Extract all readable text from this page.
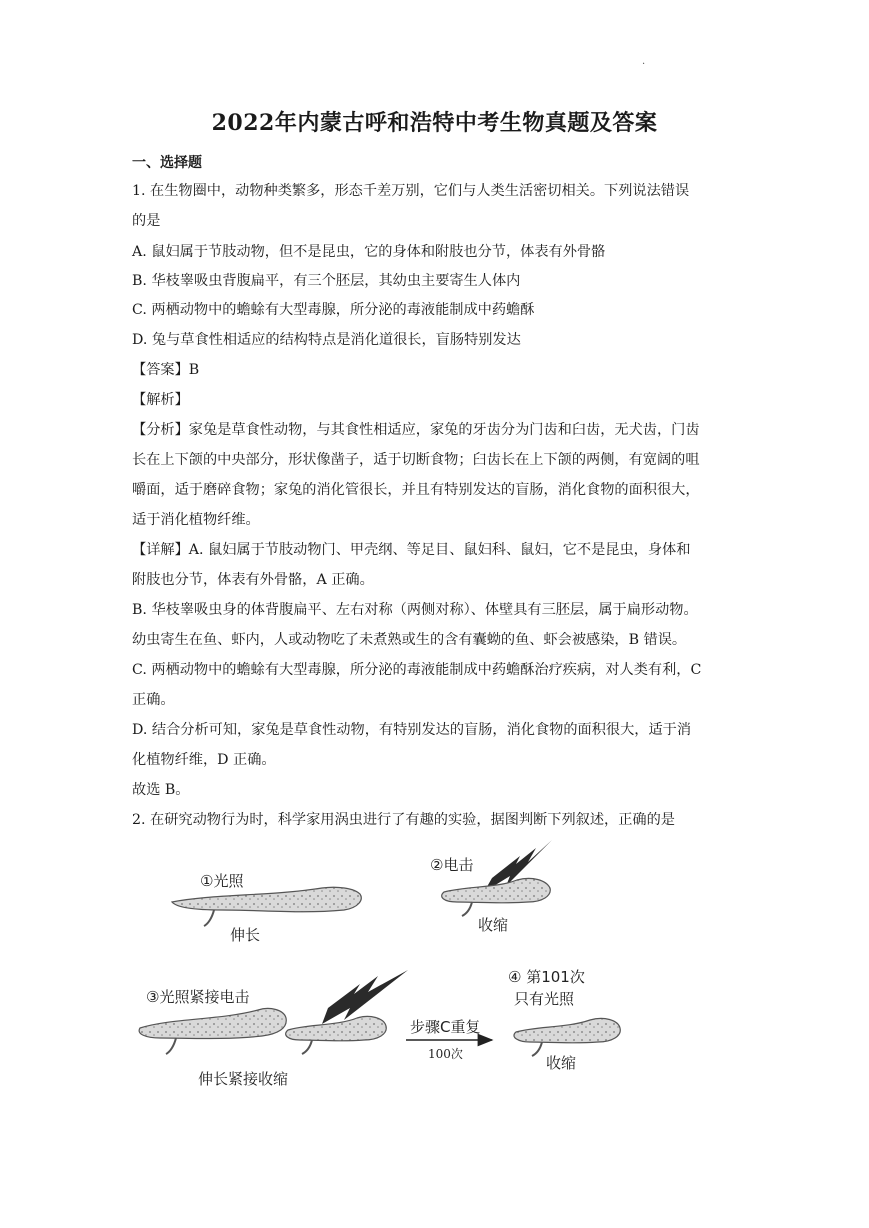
.
2022年内蒙古呼和浩特中考生物真题及答案
一、选择题
1. 在生物圈中，动物种类繁多，形态千差万别，它们与人类生活密切相关。下列说法错误
的是
A. 鼠妇属于节肢动物，但不是昆虫，它的身体和附肢也分节，体表有外骨骼
B. 华枝睾吸虫背腹扁平，有三个胚层，其幼虫主要寄生人体内
C. 两栖动物中的蟾蜍有大型毒腺，所分泌的毒液能制成中药蟾酥
D. 兔与草食性相适应的结构特点是消化道很长，盲肠特别发达
【答案】B
【解析】
【分析】家兔是草食性动物，与其食性相适应，家兔的牙齿分为门齿和臼齿，无犬齿，门齿
长在上下颌的中央部分，形状像凿子，适于切断食物；臼齿长在上下颌的两侧，有宽阔的咀
嚼面，适于磨碎食物；家兔的消化管很长，并且有特别发达的盲肠，消化食物的面积很大，
适于消化植物纤维。
【详解】A. 鼠妇属于节肢动物门、甲壳纲、等足目、鼠妇科、鼠妇，它不是昆虫，身体和
附肢也分节，体表有外骨骼，A 正确。
B. 华枝睾吸虫身的体背腹扁平、左右对称（两侧对称）、体壁具有三胚层，属于扁形动物。
幼虫寄生在鱼、虾内，人或动物吃了未煮熟或生的含有囊蚴的鱼、虾会被感染，B 错误。
C. 两栖动物中的蟾蜍有大型毒腺，所分泌的毒液能制成中药蟾酥治疗疾病，对人类有利，C
正确。
D. 结合分析可知，家兔是草食性动物，有特别发达的盲肠，消化食物的面积很大，适于消
化植物纤维，D 正确。
故选 B。
2. 在研究动物行为时，科学家用涡虫进行了有趣的实验，据图判断下列叙述，正确的是
①光照
伸长
②电击
收缩
③光照紧接电击
伸长紧接收缩
步骤C重复
100次
④ 第101次
只有光照
收缩
